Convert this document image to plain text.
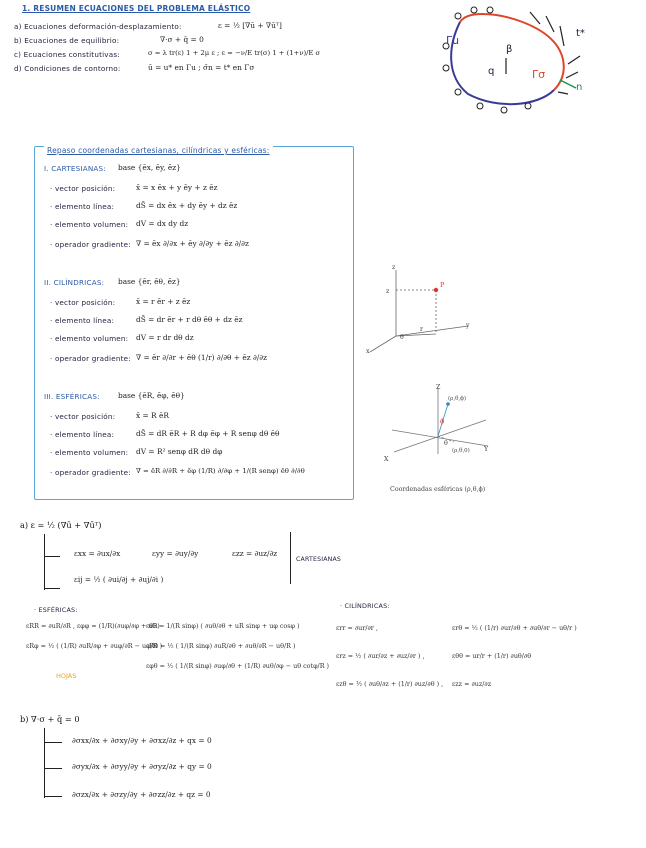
1. RESUMEN ECUACIONES DEL PROBLEMA ELÁSTICO
a) Ecuaciones deformación-desplazamiento:	ε = ½ [∇ū + ∇ūᵀ]
b) Ecuaciones de equilibrio:	∇·σ + q̄ = 0
c) Ecuaciones constitutivas:	σ = λ tr(ε) 1 + 2μ ε ; ε = −ν/E tr(σ) 1 + (1+ν)/E σ
d) Condiciones de contorno:	ū = u* en Γu ; σ̄n = t* en Γσ
Γu
Γσ
β
q
t*
n
Repaso coordenadas cartesianas, cilíndricas y esféricas:
I. CARTESIANAS: base {ēx, ēy, ēz}
· vector posición:	x̄ = x ēx + y ēy + z ēz
· elemento línea:	dS̄ = dx ēx + dy ēy + dz ēz
· elemento volumen: dV = dx dy dz
· operador gradiente: ∇ = ēx ∂/∂x + ēy ∂/∂y + ēz ∂/∂z
II. CILÍNDRICAS: base {ēr, ēθ, ēz}
· vector posición:	x̄ = r ēr + z ēz
· elemento línea:	dS̄ = dr ēr + r dθ ēθ + dz ēz
· elemento volumen: dV = r dr dθ dz
· operador gradiente: ∇ = ēr ∂/∂r + ēθ (1/r) ∂/∂θ + ēz ∂/∂z
z
z
y
x
r
θ
P
III. ESFÉRICAS: base {ēR, ēφ, ēθ}
· vector posición:	x̄ = R ēR
· elemento línea:	dS̄ = dR ēR + R dφ ēφ + R senφ dθ ēθ
· elemento volumen: dV = R² senφ dR dθ dφ
· operador gradiente: ∇ = ēR ∂/∂R + ēφ (1/R) ∂/∂φ + 1/(R senφ) ēθ ∂/∂θ
Z
X
Y
θ
ϕ
(ρ,θ,ϕ)
(ρ,θ,0)
Coordenadas esféricas (ρ,θ,ϕ)
a) ε = ½ (∇ū + ∇ūᵀ)
εxx = ∂ux/∂x	εyy = ∂uy/∂y	εzz = ∂uz/∂z
εij = ½ ( ∂ui/∂j + ∂uj/∂i )
CARTESIANAS
· ESFÉRICAS:
εRR = ∂uR/∂R , εφφ = (1/R)(∂uφ/∂φ + uR)
εRφ = ½ ( (1/R) ∂uR/∂φ + ∂uφ/∂R − uφ/R )
εθθ = 1/(R sinφ) ( ∂uθ/∂θ + uR sinφ + uφ cosφ )
εRθ = ½ ( 1/(R sinφ) ∂uR/∂θ + ∂uθ/∂R − uθ/R )
εφθ = ½ ( 1/(R sinφ) ∂uφ/∂θ + (1/R) ∂uθ/∂φ − uθ cotφ/R )
HOJAS
· CILÍNDRICAS:
εrr = ∂ur/∂r ,	εrθ = ½ ( (1/r) ∂ur/∂θ + ∂uθ/∂r − uθ/r )
εrz = ½ ( ∂ur/∂z + ∂uz/∂r ) ,	εθθ = ur/r + (1/r) ∂uθ/∂θ
εzθ = ½ ( ∂uθ/∂z + (1/r) ∂uz/∂θ ) , εzz = ∂uz/∂z
b) ∇·σ + q̄ = 0
∂σxx/∂x + ∂σxy/∂y + ∂σxz/∂z + qx = 0
∂σyx/∂x + ∂σyy/∂y + ∂σyz/∂z + qy = 0
∂σzx/∂x + ∂σzy/∂y + ∂σzz/∂z + qz = 0
